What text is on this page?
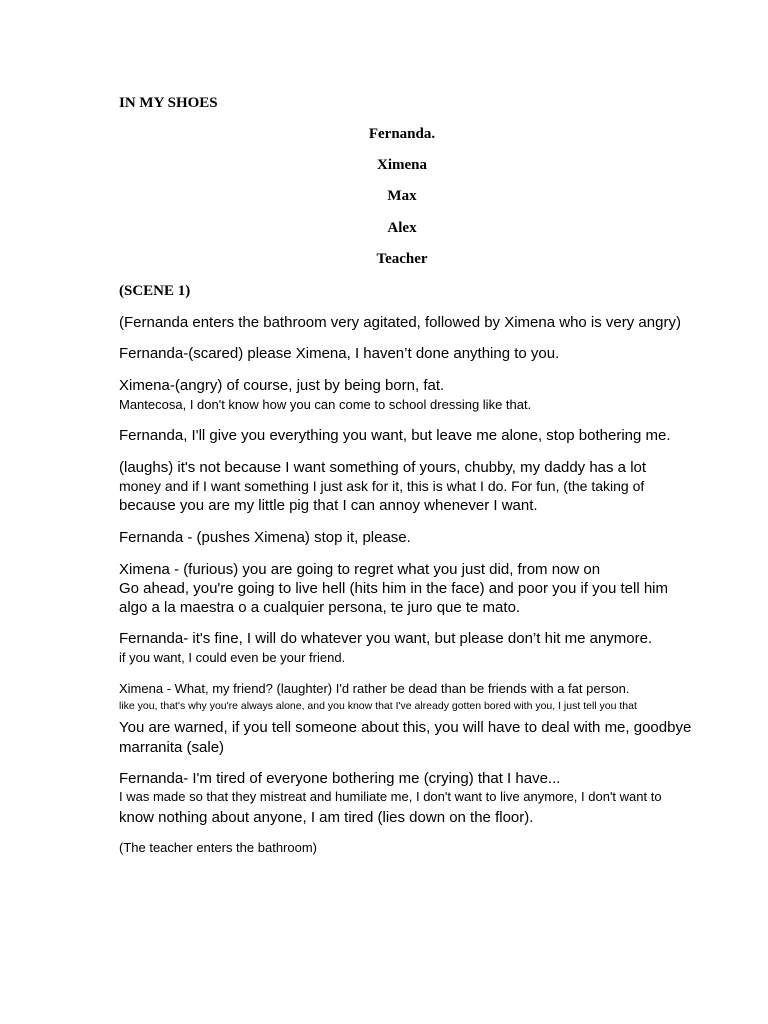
IN MY SHOES
Fernanda.
Ximena
Max
Alex
Teacher
(SCENE 1)
(Fernanda enters the bathroom very agitated, followed by Ximena who is very angry)
Fernanda-(scared) please Ximena, I haven’t done anything to you.
Ximena-(angry) of course, just by being born, fat.
Mantecosa, I don't know how you can come to school dressing like that.
Fernanda, I'll give you everything you want, but leave me alone, stop bothering me.
(laughs) it's not because I want something of yours, chubby, my daddy has a lot
money and if I want something I just ask for it, this is what I do. For fun, (the taking of
because you are my little pig that I can annoy whenever I want.
Fernanda - (pushes Ximena) stop it, please.
Ximena - (furious) you are going to regret what you just did, from now on
Go ahead, you're going to live hell (hits him in the face) and poor you if you tell him
algo a la maestra o a cualquier persona, te juro que te mato.
Fernanda- it's fine, I will do whatever you want, but please don’t hit me anymore.
if you want, I could even be your friend.
Ximena - What, my friend? (laughter) I'd rather be dead than be friends with a fat person.
like you, that's why you're always alone, and you know that I've already gotten bored with you, I just tell you that
You are warned, if you tell someone about this, you will have to deal with me, goodbye
marranita (sale)
Fernanda- I'm tired of everyone bothering me (crying) that I have...
I was made so that they mistreat and humiliate me, I don't want to live anymore, I don't want to
know nothing about anyone, I am tired (lies down on the floor).
(The teacher enters the bathroom)
